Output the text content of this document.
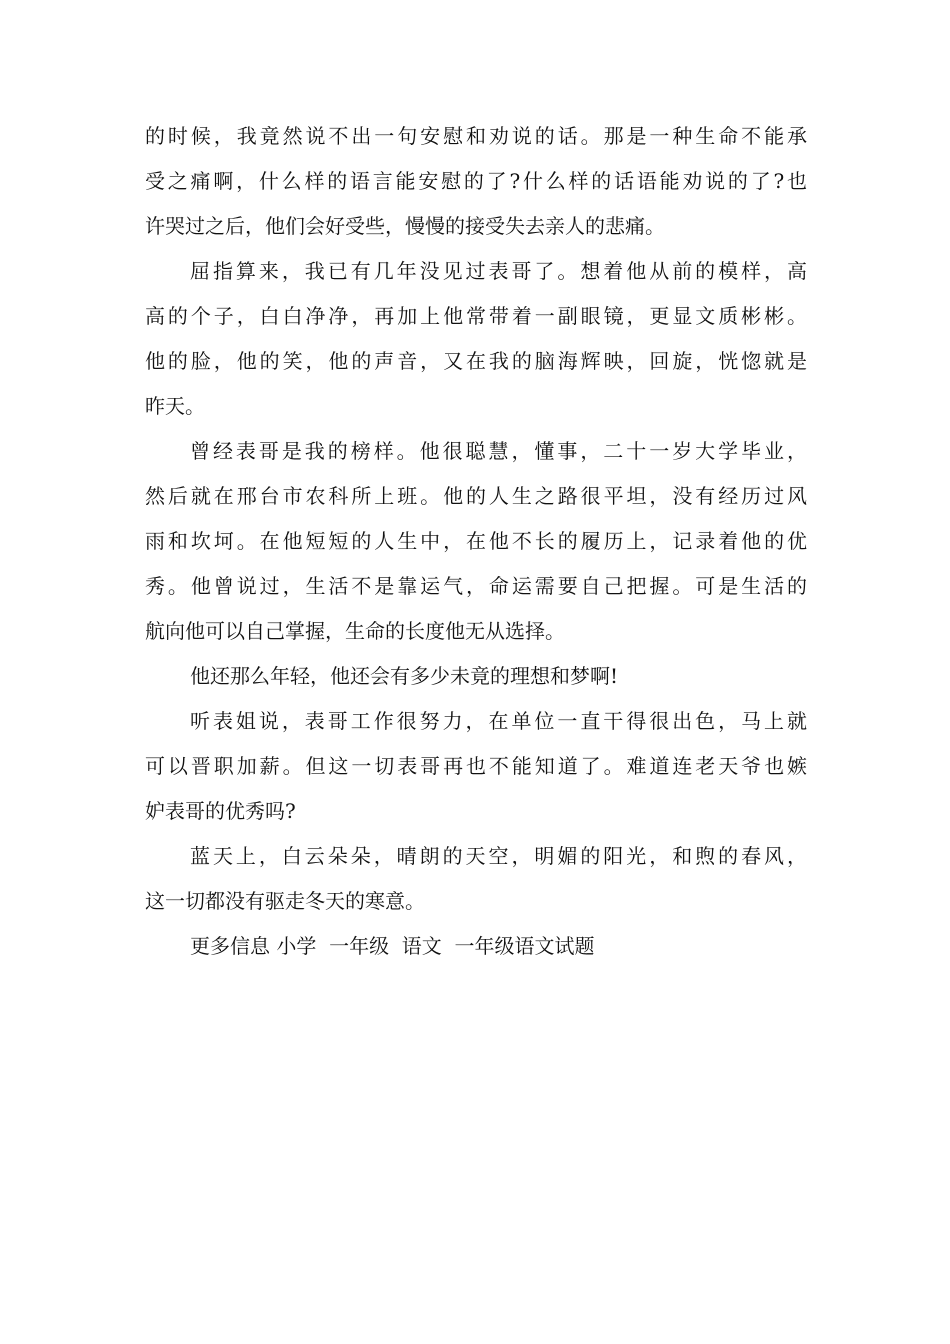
的时候，我竟然说不出一句安慰和劝说的话。那是一种生命不能承
受之痛啊，什么样的语言能安慰的了?什么样的话语能劝说的了?也
许哭过之后，他们会好受些，慢慢的接受失去亲人的悲痛。
屈指算来，我已有几年没见过表哥了。想着他从前的模样，高
高的个子，白白净净，再加上他常带着一副眼镜，更显文质彬彬。
他的脸，他的笑，他的声音，又在我的脑海辉映，回旋，恍惚就是
昨天。
曾经表哥是我的榜样。他很聪慧，懂事，二十一岁大学毕业，
然后就在邢台市农科所上班。他的人生之路很平坦，没有经历过风
雨和坎坷。在他短短的人生中，在他不长的履历上，记录着他的优
秀。他曾说过，生活不是靠运气，命运需要自己把握。可是生活的
航向他可以自己掌握，生命的长度他无从选择。
他还那么年轻，他还会有多少未竟的理想和梦啊!
听表姐说，表哥工作很努力，在单位一直干得很出色，马上就
可以晋职加薪。但这一切表哥再也不能知道了。难道连老天爷也嫉
妒表哥的优秀吗?
蓝天上，白云朵朵，晴朗的天空，明媚的阳光，和煦的春风，
这一切都没有驱走冬天的寒意。
更多信息 小学  一年级  语文  一年级语文试题
